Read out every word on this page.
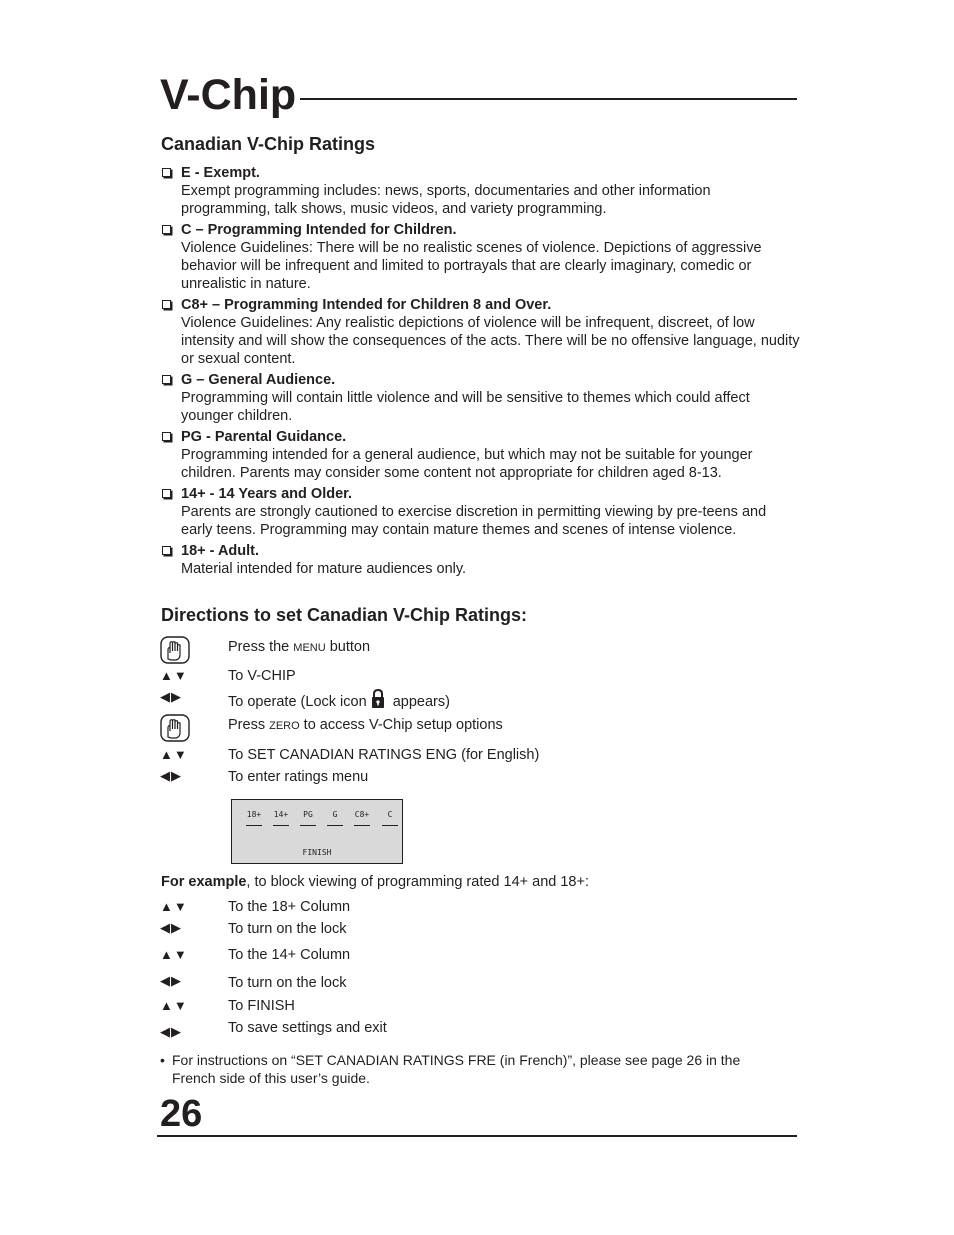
V-Chip
Canadian V-Chip Ratings
E - Exempt.
Exempt programming includes: news, sports, documentaries and other information programming, talk shows, music videos, and variety programming.
C – Programming Intended for Children.
Violence Guidelines: There will be no realistic scenes of violence. Depictions of aggressive behavior will be infrequent and limited to portrayals that are clearly imaginary, comedic or unrealistic in nature.
C8+ – Programming Intended for Children 8 and Over.
Violence Guidelines: Any realistic depictions of violence will be infrequent, discreet, of low intensity and will show the consequences of the acts. There will be no offensive language, nudity or sexual content.
G – General Audience.
Programming will contain little violence and will be sensitive to themes which could affect younger children.
PG - Parental Guidance.
Programming intended for a general audience, but which may not be suitable for younger children. Parents may consider some content not appropriate for children aged 8-13.
14+ - 14 Years and Older.
Parents are strongly cautioned to exercise discretion in permitting viewing by pre-teens and early teens. Programming may contain mature themes and scenes of intense violence.
18+ - Adult.
Material intended for mature audiences only.
Directions to set Canadian V-Chip Ratings:
Press the MENU button
▲▼	To V-CHIP
◀▶	To operate (Lock icon  appears)
Press ZERO to access V-Chip setup options
▲▼	To SET CANADIAN RATINGS ENG (for English)
◀▶	To enter ratings menu
18+	14+	PG	G	C8+	C
FINISH
For example, to block viewing of programming rated 14+ and 18+:
▲▼	To the 18+ Column
◀▶	To turn on the lock
▲▼	To the 14+ Column
◀▶	To turn on the lock
▲▼	To FINISH
◀▶	To save settings and exit
• For instructions on “SET CANADIAN RATINGS FRE (in French)”, please see page 26 in the French side of this user’s guide.
26
